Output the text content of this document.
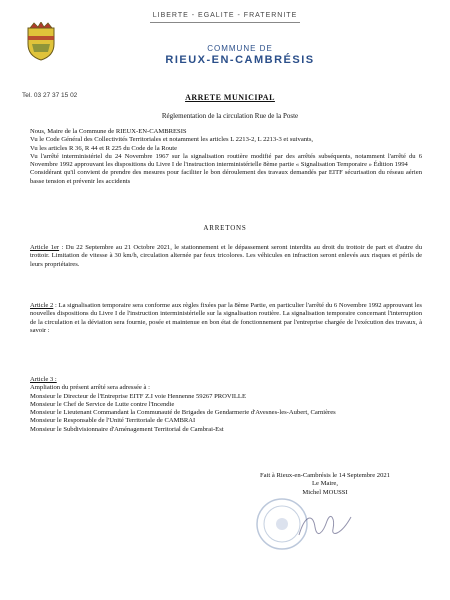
LIBERTE - EGALITE - FRATERNITE
COMMUNE DE
RIEUX-EN-CAMBRÉSIS
Tel. 03 27 37 15 02	ARRETE MUNICIPAL
Réglementation de la circulation Rue de la Poste
Nous, Maire de la Commune de RIEUX-EN-CAMBRESIS
Vu le Code Général des Collectivités Territoriales et notamment les articles L 2213-2, L 2213-3 et suivants,
Vu les articles R 36, R 44 et R 225 du Code de la Route
Vu l'arrêté interministériel du 24 Novembre 1967 sur la signalisation routière modifié par des arrêtés subséquents, notamment l'arrêté du 6 Novembre 1992 approuvant les dispositions du Livre I de l'instruction interministérielle 8ème partie « Signalisation Temporaire » Édition 1994
Considérant qu'il convient de prendre des mesures pour faciliter le bon déroulement des travaux demandés par EITF sécurisation du réseau aérien basse tension et prévenir les accidents
ARRETONS
Article 1er : Du 22 Septembre au 21 Octobre 2021, le stationnement et le dépassement seront interdits au droit du trottoir de part et d'autre du trottoir. Limitation de vitesse à 30 km/h, circulation alternée par feux tricolores. Les véhicules en infraction seront enlevés aux risques et périls de leurs propriétaires.
Article 2 : La signalisation temporaire sera conforme aux règles fixées par la 8ème Partie, en particulier l'arrêté du 6 Novembre 1992 approuvant les nouvelles dispositions du Livre I de l'instruction interministérielle sur la signalisation routière. La signalisation temporaire concernant l'interruption de la circulation et la déviation sera fournie, posée et maintenue en bon état de fonctionnement par l'entreprise chargée de l'exécution des travaux, à savoir :
Article 3 :
Ampliation du présent arrêté sera adressée à :
Monsieur le Directeur de l'Entreprise EITF Z.I voie Hennenne 59267 PROVILLE
Monsieur le Chef de Service de Lutte contre l'Incendie
Monsieur le Lieutenant Commandant la Communauté de Brigades de Gendarmerie d'Avesnes-les-Aubert, Carnières
Monsieur le Responsable de l'Unité Territoriale de CAMBRAI
Monsieur le Subdivisionnaire d'Aménagement Territorial de Cambrai-Est
Fait à Rieux-en-Cambrésis le 14 Septembre 2021
Le Maire,
Michel MOUSSI
